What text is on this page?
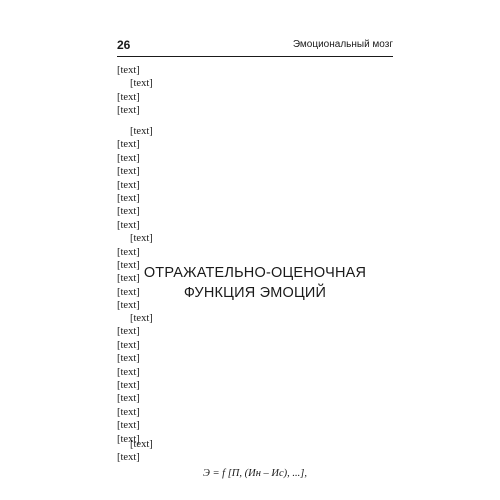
26	Эмоциональный мозг
[text]
[text]
[text]
[text]
[text]
[text]
[text]
[text]
[text]
[text]
[text]
[text]
[text]
[text]
[text]
[text]
[text]
[text]
ОТРАЖАТЕЛЬНО-ОЦЕНОЧНАЯ
ФУНКЦИЯ ЭМОЦИЙ
[text]
[text]
[text]
[text]
[text]
[text]
[text]
[text]
[text]
[text]
[text]
[text]
Э = f [П, (Ин – Ис), ...],
